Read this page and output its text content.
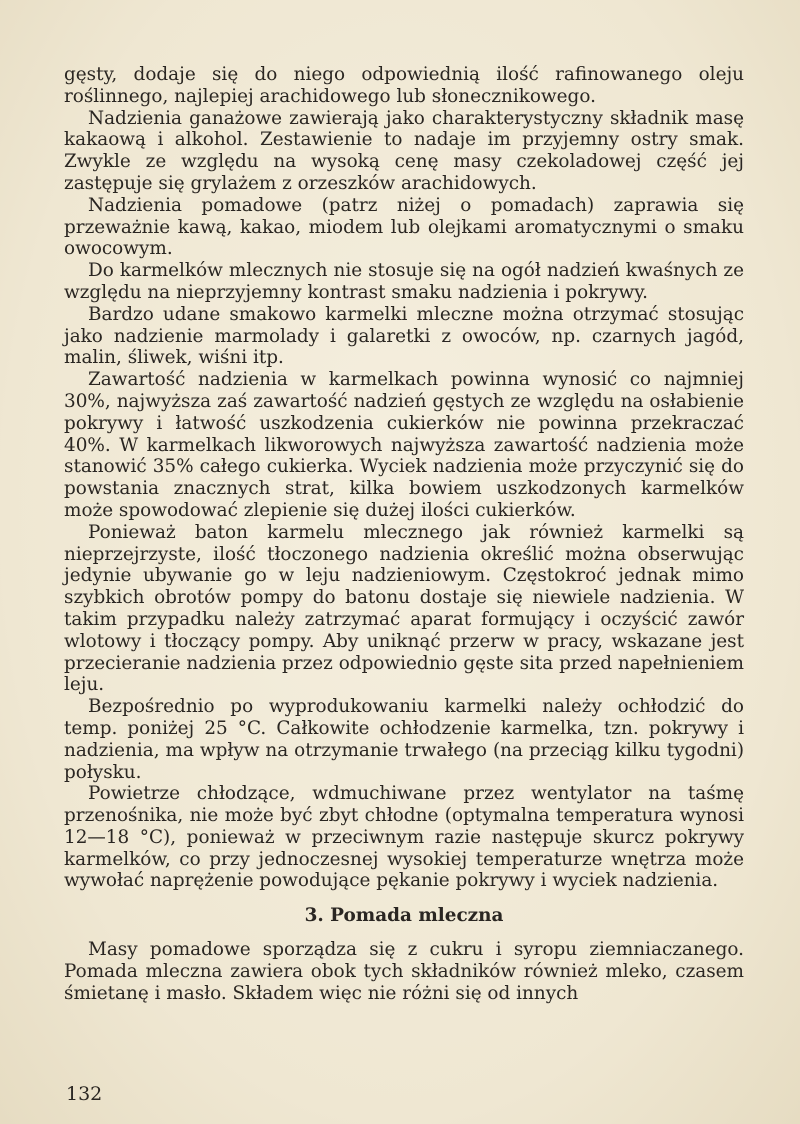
gęsty, dodaje się do niego odpowiednią ilość rafinowanego oleju roślinnego, najlepiej arachidowego lub słonecznikowego.

Nadzienia ganażowe zawierają jako charakterystyczny składnik masę kakaową i alkohol. Zestawienie to nadaje im przyjemny ostry smak. Zwykle ze względu na wysoką cenę masy czekoladowej część jej zastępuje się grylażem z orzeszków arachidowych.

Nadzienia pomadowe (patrz niżej o pomadach) zaprawia się przeważnie kawą, kakao, miodem lub olejkami aromatycznymi o smaku owocowym.

Do karmelków mlecznych nie stosuje się na ogół nadzień kwaśnych ze względu na nieprzyjemny kontrast smaku nadzienia i pokrywy.

Bardzo udane smakowo karmelki mleczne można otrzymać stosując jako nadzienie marmolady i galaretki z owoców, np. czarnych jagód, malin, śliwek, wiśni itp.

Zawartość nadzienia w karmelkach powinna wynosić co najmniej 30%, najwyższa zaś zawartość nadzień gęstych ze względu na osłabienie pokrywy i łatwość uszkodzenia cukierków nie powinna przekraczać 40%. W karmelkach likworowych najwyższa zawartość nadzienia może stanowić 35% całego cukierka. Wyciek nadzienia może przyczynić się do powstania znacznych strat, kilka bowiem uszkodzonych karmelków może spowodować zlepienie się dużej ilości cukierków.

Ponieważ baton karmelu mlecznego jak również karmelki są nieprzejrzyste, ilość tłoczonego nadzienia określić można obserwując jedynie ubywanie go w leju nadzieniowym. Częstokroć jednak mimo szybkich obrotów pompy do batonu dostaje się niewiele nadzienia. W takim przypadku należy zatrzymać aparat formujący i oczyścić zawór wlotowy i tłoczący pompy. Aby uniknąć przerw w pracy, wskazane jest przecieranie nadzienia przez odpowiednio gęste sita przed napełnieniem leju.

Bezpośrednio po wyprodukowaniu karmelki należy ochłodzić do temp. poniżej 25 °C. Całkowite ochłodzenie karmelka, tzn. pokrywy i nadzienia, ma wpływ na otrzymanie trwałego (na przeciąg kilku tygodni) połysku.

Powietrze chłodzące, wdmuchiwane przez wentylator na taśmę przenośnika, nie może być zbyt chłodne (optymalna temperatura wynosi 12—18 °C), ponieważ w przeciwnym razie następuje skurcz pokrywy karmelków, co przy jednoczesnej wysokiej temperaturze wnętrza może wywołać naprężenie powodujące pękanie pokrywy i wyciek nadzienia.

3. Pomada mleczna

Masy pomadowe sporządza się z cukru i syropu ziemniaczanego. Pomada mleczna zawiera obok tych składników również mleko, czasem śmietanę i masło. Składem więc nie różni się od innych

132
